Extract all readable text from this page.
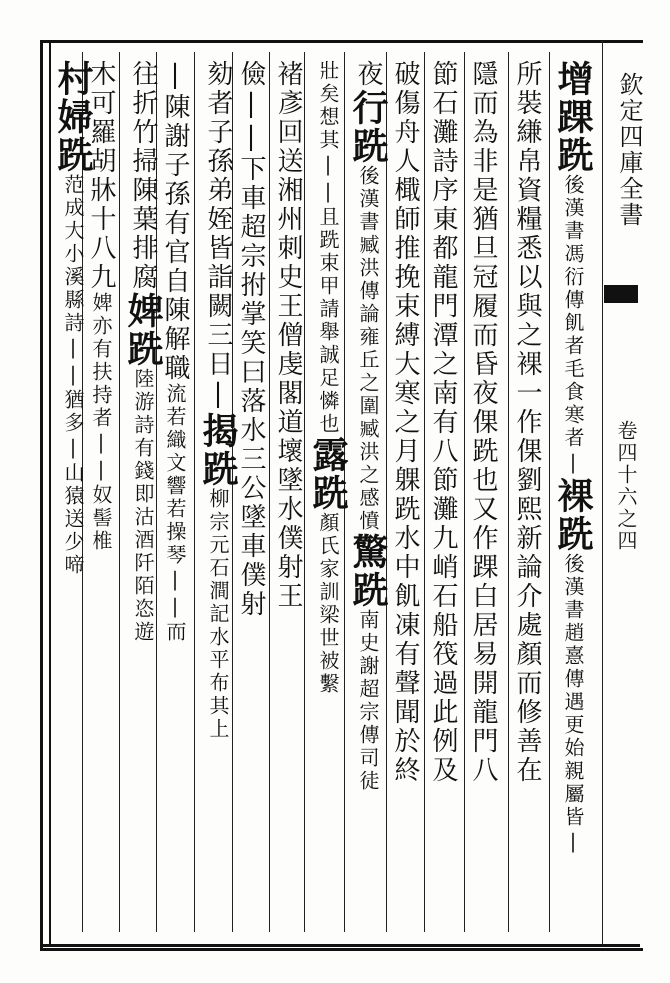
欽定四庫全書
卷四十六之四
增踝跣後漢書馮衍傳飢者毛食寒者|裸跣後漢書趙憙傳遇更始親屬皆|
所裝縑帛資糧悉以與之裸一作倮劉熙新論介處顏而修善在
隱而為非是猶旦冠履而昏夜倮跣也又作踝白居易開龍門八
節石灘詩序東都龍門潭之南有八節灘九峭石船筏過此例及
破傷舟人檝師推挽束縛大寒之月躶跣水中飢凍有聲聞於終
夜行跣後漢書臧洪傳論雍丘之圍臧洪之感憤驚跣南史謝超宗傳司徒
壯矣想其||且跣束甲請舉誠足憐也露跣顏氏家訓梁世被繫
褚彥回送湘州刺史王僧虔閣道壞墜水僕射王
儉||下車超宗拊掌笑曰落水三公墜車僕射
劾者子孫弟姪皆詣闕三日|揭跣柳宗元石澗記水平布其上
|陳謝子孫有官自陳解職流若織文響若操琴||而
往折竹掃陳葉排腐婢跣陸游詩有錢即沽酒阡陌恣遊
木可羅胡牀十八九婢亦有扶持者||奴髻椎
村婦跣范成大小溪縣詩||猶多|山猿送少啼
